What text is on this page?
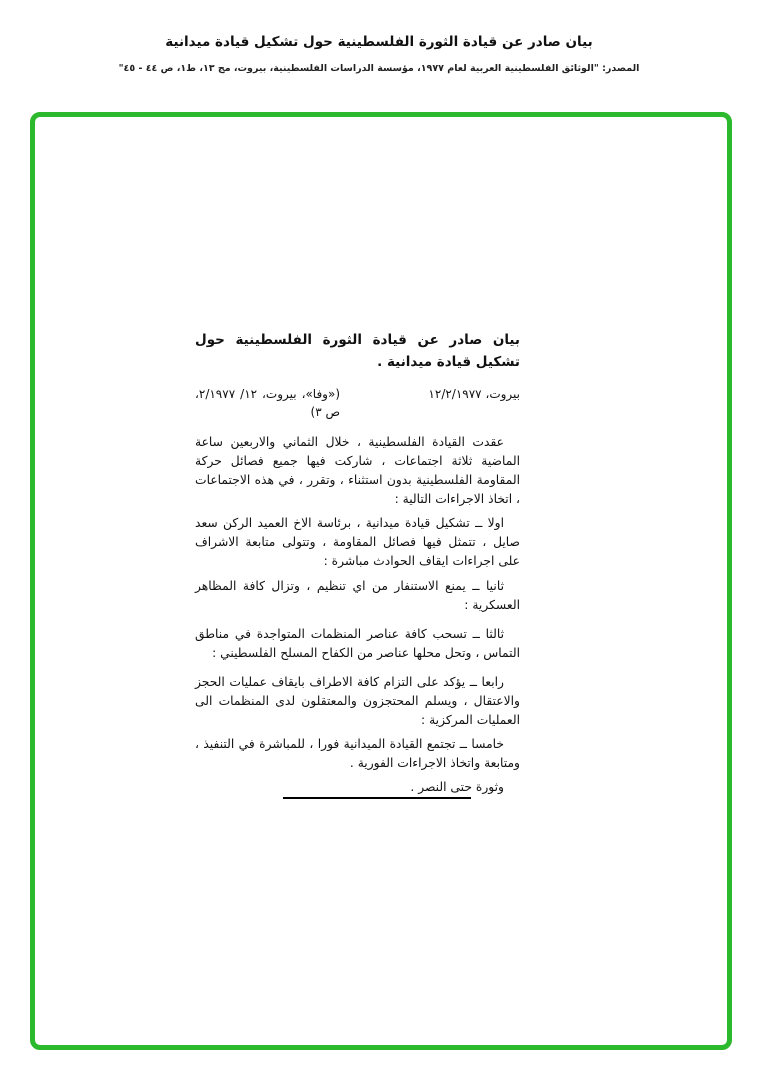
بيان صادر عن قيادة الثورة الفلسطينية حول تشكيل قيادة ميدانية
المصدر: "الوثائق الفلسطينية العربية لعام ١٩٧٧، مؤسسة الدراسات الفلسطينية، بيروت، مج ١٣، ط١، ص ٤٤ - ٤٥"

بيان صادر عن قيادة الثورة الفلسطينية حول تشكيل قيادة ميدانية .

بيروت، ١٢/٢/١٩٧٧
(«وفا»، بيروت، ١٢/ ٢/١٩٧٧، ص ٣)

عقدت القيادة الفلسطينية ، خلال الثماني والاربعين ساعة الماضية ثلاثة اجتماعات ، شاركت فيها جميع فصائل حركة المقاومة الفلسطينية بدون استثناء ، وتقرر ، في هذه الاجتماعات ، اتخاذ الاجراءات التالية :

اولا ــ تشكيل قيادة ميدانية ، برئاسة الاخ العميد الركن سعد صايل ، تتمثل فيها فصائل المقاومة ، وتتولى متابعة الاشراف على اجراءات ايقاف الحوادث مباشرة :

ثانيا ــ يمنع الاستنفار من اي تنظيم ، وتزال كافة المظاهر العسكرية :

ثالثا ــ تسحب كافة عناصر المنظمات المتواجدة في مناطق التماس ، وتحل محلها عناصر من الكفاح المسلح الفلسطيني :

رابعا ــ يؤكد على التزام كافة الاطراف بايقاف عمليات الحجز والاعتقال ، ويسلم المحتجزون والمعتقلون لدى المنظمات الى العمليات المركزية :

خامسا ــ تجتمع القيادة الميدانية فورا ، للمباشرة في التنفيذ ، ومتابعة واتخاذ الاجراءات الفورية .

وثورة حتى النصر .
